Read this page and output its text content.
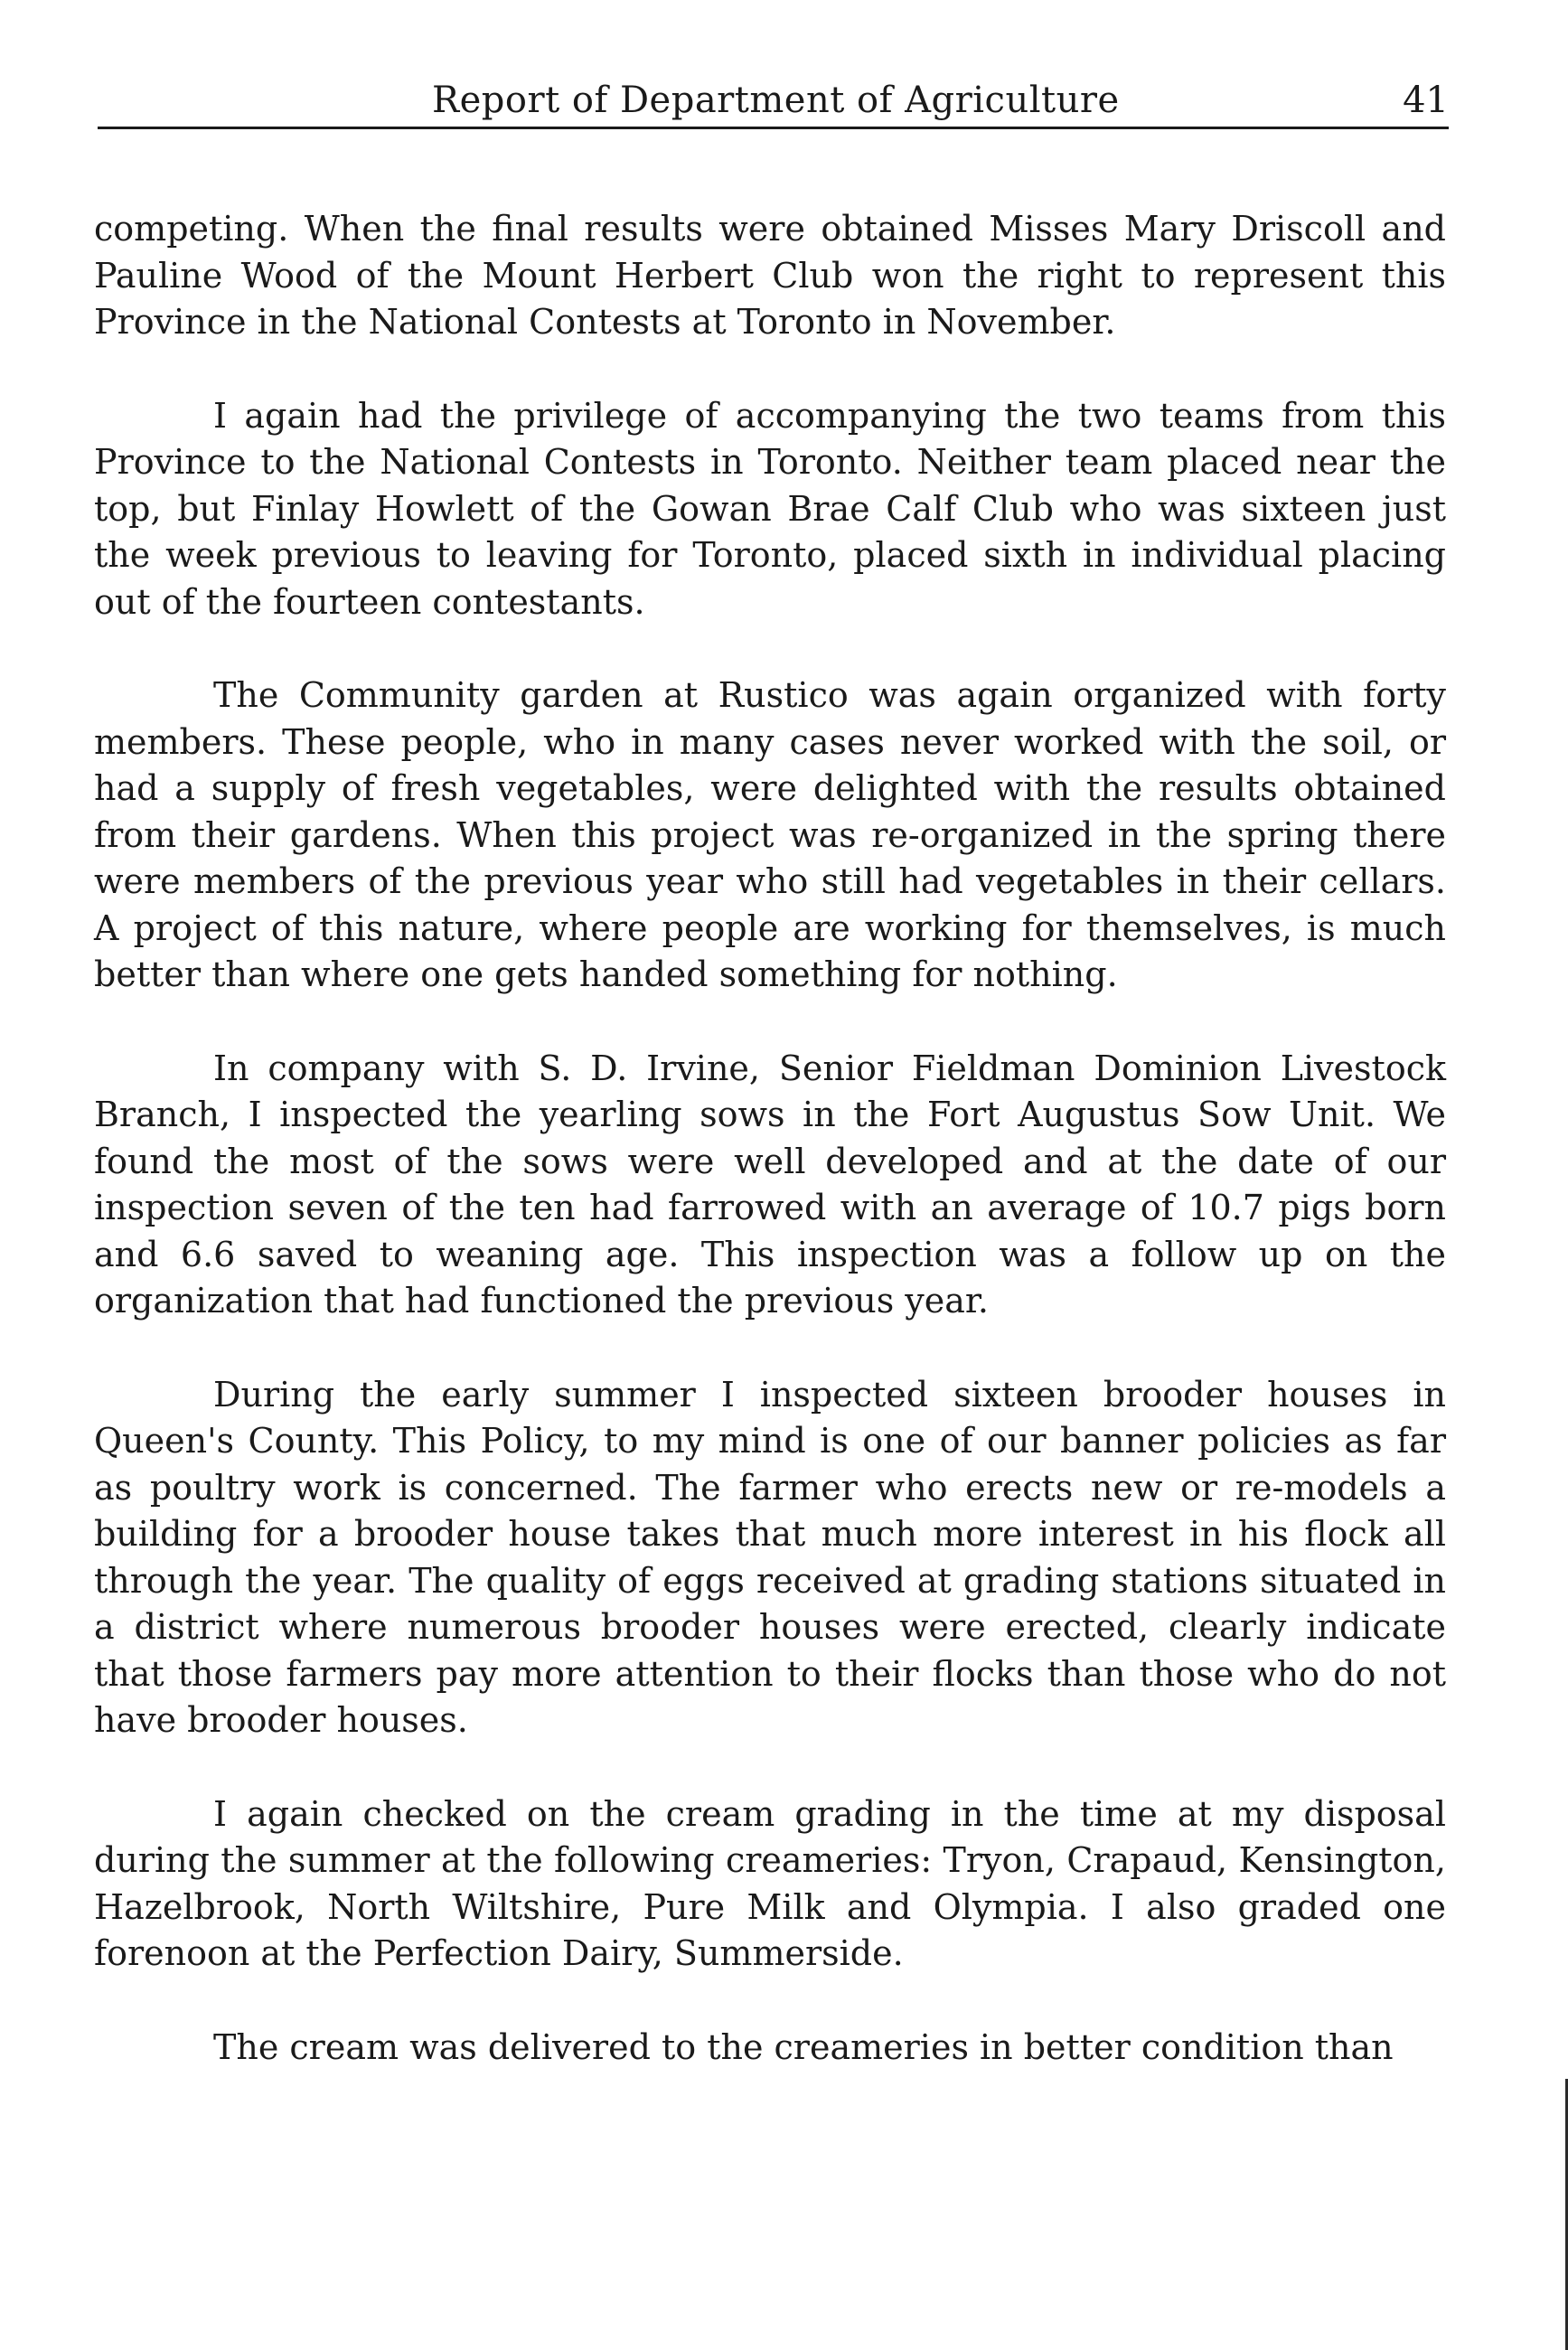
Report of Department of Agriculture	41

competing. When the final results were obtained Misses Mary Driscoll and Pauline Wood of the Mount Herbert Club won the right to represent this Province in the National Contests at Toronto in November.

I again had the privilege of accompanying the two teams from this Province to the National Contests in Toronto. Neither team placed near the top, but Finlay Howlett of the Gowan Brae Calf Club who was sixteen just the week previous to leaving for Toronto, placed sixth in individual placing out of the fourteen contestants.

The Community garden at Rustico was again organized with forty members. These people, who in many cases never worked with the soil, or had a supply of fresh vegetables, were delighted with the results obtained from their gardens. When this project was re-organized in the spring there were members of the previous year who still had vegetables in their cellars. A project of this nature, where people are working for themselves, is much better than where one gets handed something for nothing.

In company with S. D. Irvine, Senior Fieldman Dominion Livestock Branch, I inspected the yearling sows in the Fort Augustus Sow Unit. We found the most of the sows were well developed and at the date of our inspection seven of the ten had farrowed with an average of 10.7 pigs born and 6.6 saved to weaning age. This inspection was a follow up on the organization that had functioned the previous year.

During the early summer I inspected sixteen brooder houses in Queen's County. This Policy, to my mind is one of our banner policies as far as poultry work is concerned. The farmer who erects new or re-models a building for a brooder house takes that much more interest in his flock all through the year. The quality of eggs received at grading stations situated in a district where numerous brooder houses were erected, clearly indicate that those farmers pay more attention to their flocks than those who do not have brooder houses.

I again checked on the cream grading in the time at my disposal during the summer at the following creameries: Tryon, Crapaud, Kensington, Hazelbrook, North Wiltshire, Pure Milk and Olympia. I also graded one forenoon at the Perfection Dairy, Summerside.

The cream was delivered to the creameries in better condition than
